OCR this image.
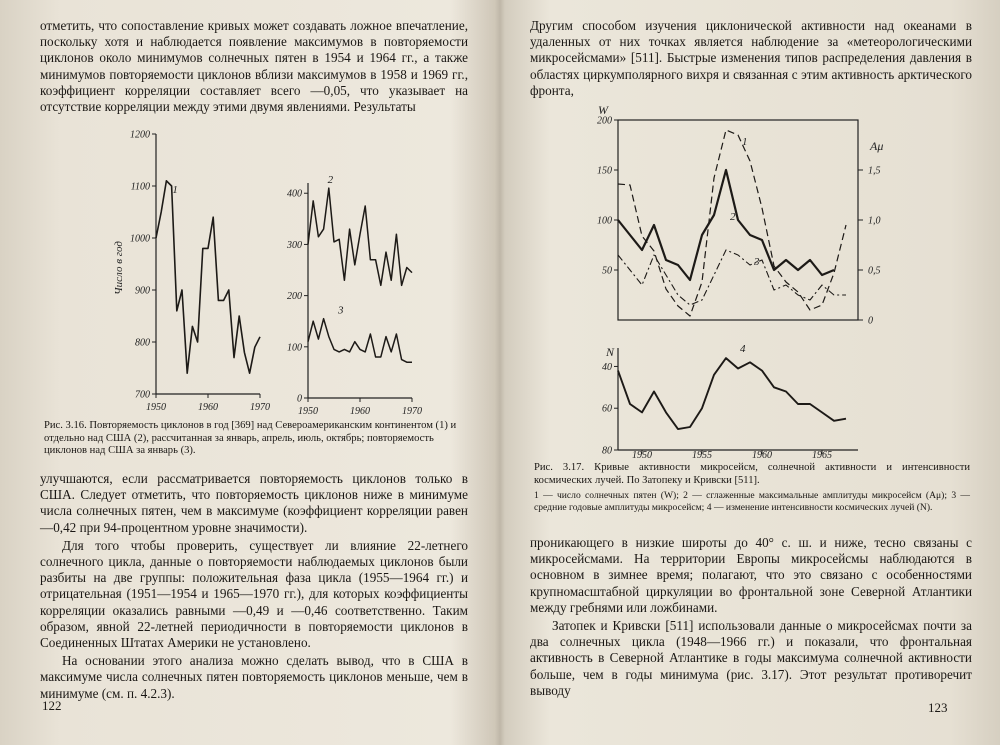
отметить, что сопоставление кривых может создавать ложное впечатление, поскольку хотя и наблюдается появление максимумов в повторяемости циклонов около минимумов солнечных пятен в 1954 и 1964 гг., а также минимумов повторяемости циклонов вблизи максимумов в 1958 и 1969 гг., коэффициент корреляции составляет всего —0,05, что указывает на отсутствие корреляции между этими двумя явлениями. Результаты

Число в год
700
800
900
1000
1100
1200
1950	1960	1970
1
0
100
200
300
400
1950	1960	1970
2
3

Рис. 3.16. Повторяемость циклонов в год [369] над Североамериканским континентом (1) и отдельно над США (2), рассчитанная за январь, апрель, июль, октябрь; повторяемость циклонов над США за январь (3).

улучшаются, если рассматривается повторяемость циклонов только в США. Следует отметить, что повторяемость циклонов ниже в минимуме числа солнечных пятен, чем в максимуме (коэффициент корреляции равен —0,42 при 94-процентном уровне значимости).

Для того чтобы проверить, существует ли влияние 22-летнего солнечного цикла, данные о повторяемости наблюдаемых циклонов были разбиты на две группы: положительная фаза цикла (1955—1964 гг.) и отрицательная (1951—1954 и 1965—1970 гг.), для которых коэффициенты корреляции оказались равными —0,49 и —0,46 соответственно. Таким образом, явной 22-летней периодичности в повторяемости циклонов в Соединенных Штатах Америки не установлено.

На основании этого анализа можно сделать вывод, что в США в максимуме числа солнечных пятен повторяемость циклонов меньше, чем в минимуме (см. п. 4.2.3).

122

Другим способом изучения циклонической активности над океанами в удаленных от них точках является наблюдение за «метеорологическими микросейсмами» [511]. Быстрые изменения типов распределения давления в областях циркумполярного вихря и связанная с этим активность арктического фронта,

W
Aμ
50
100
150
200
0
0,5
1,0
1,5
1
2
3
N
40
60
80 1950	1955	1960	1965
4

Рис. 3.17. Кривые активности микросейсм, солнечной активности и интенсивности космических лучей. По Затопеку и Кривски [511].

1 — число солнечных пятен (W); 2 — сглаженные максимальные амплитуды микросейсм (Aμ); 3 — средние годовые амплитуды микросейсм; 4 — изменение интенсивности космических лучей (N).

проникающего в низкие широты до 40° с. ш. и ниже, тесно связаны с микросейсмами. На территории Европы микросейсмы наблюдаются в основном в зимнее время; полагают, что это связано с особенностями крупномасштабной циркуляции во фронтальной зоне Северной Атлантики между гребнями или ложбинами.

Затопек и Кривски [511] использовали данные о микросейсмах почти за два солнечных цикла (1948—1966 гг.) и показали, что фронтальная активность в Северной Атлантике в годы максимума солнечной активности больше, чем в годы минимума (рис. 3.17). Этот результат противоречит выводу

123
